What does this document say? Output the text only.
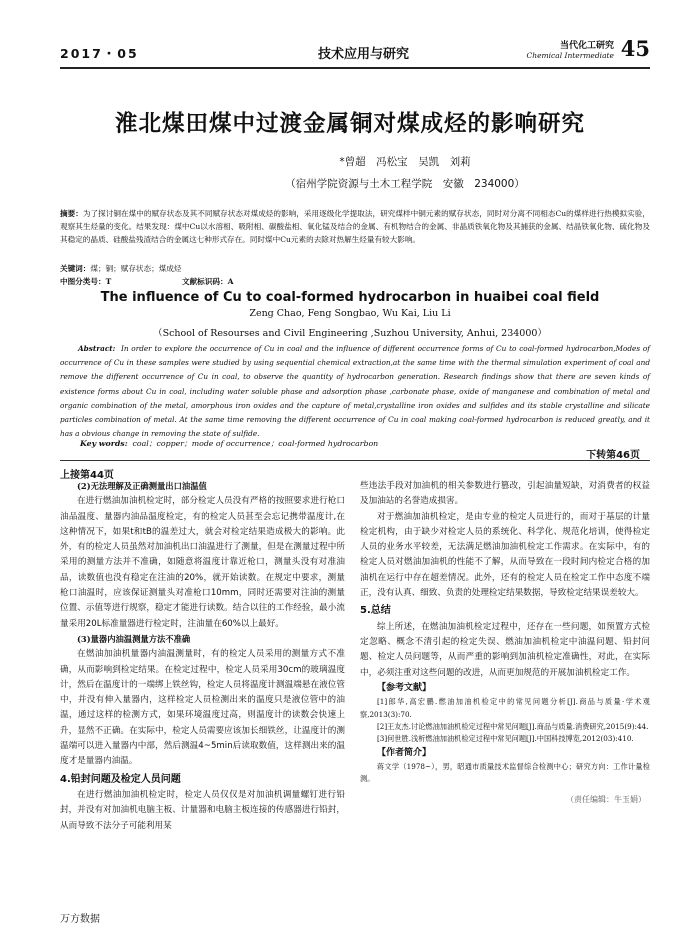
2017・05	技术应用与研究
当代化工研究
Chemical Intermediate 45
淮北煤田煤中过渡金属铜对煤成烃的影响研究
*曾超　冯松宝　吴凯　刘莉
（宿州学院资源与土木工程学院　安徽　234000）
摘要：为了探讨铜在煤中的赋存状态及其不同赋存状态对煤成烃的影响，采用逐级化学提取法，研究煤样中铜元素的赋存状态，同时对分离不同相态Cu的煤样进行热模拟实验，观察其生烃量的变化。结果发现：煤中Cu以水溶相、吸附相、碳酸盐相、氧化锰及结合的金属、有机物结合的金属、非晶质铁氧化物及其捕获的金属、结晶铁氧化物、硫化物及其稳定的晶质、硅酸盐残渣结合的金属这七种形式存在。同时煤中Cu元素的去除对热解生烃量有较大影响。
关键词：煤；铜；赋存状态；煤成烃
中图分类号：T	文献标识码：A
The influence of Cu to coal-formed hydrocarbon in huaibei coal field
Zeng Chao, Feng Songbao, Wu Kai, Liu Li
（School of Resourses and Civil Engineering ,Suzhou University, Anhui, 234000）
Abstract: In order to explore the occurrence of Cu in coal and the influence of different occurrence forms of Cu to coal-formed hydrocarbon,Modes of occurrence of Cu in these samples were studied by using sequential chemical extraction,at the same time with the thermal simulation experiment of coal and remove the different occurrence of Cu in coal, to observe the quantity of hydrocarbon generation. Research findings show that there are seven kinds of existence forms about Cu in coal, including water soluble phase and adsorption phase ,carbonate phase, oxide of manganese and combination of metal and organic combination of the metal, amorphous iron oxides and the capture of metal,crystalline iron oxides and sulfides and its stable crystalline and silicate particles combination of metal. At the same time removing the different occurrence of Cu in coal making coal-formed hydrocarbon is reduced greatly, and it has a obvious change in removing the state of sulfide.
Key words: coal；copper；mode of occurrence；coal-formed hydrocarbon
下转第46页
上接第44页

(2)无法理解及正确测量出口油温值

在进行燃油加油机检定时，部分检定人员没有严格的按照要求进行枪口油品温度、量器内油品温度检定，有的检定人员甚至会忘记携带温度计,在这种情况下，如果t和tB的温差过大，就会对检定结果造成极大的影响。此外，有的检定人员虽然对加油机出口油温进行了测量，但是在测量过程中所采用的测量方法并不准确，如随意将温度计靠近枪口，测量头没有对准油品，读数值也没有稳定在注油的20%，就开始读数。在规定中要求，测量枪口油温时，应该保证测量头对准枪口10mm，同时还需要对注油的测量位置、示值等进行规察，稳定才能进行读数。结合以往的工作经验，最小流量采用20L标准量器进行检定时，注油量在60%以上最好。

(3)量器内油温测量方法不准确

在燃油加油机量器内油温测量时，有的检定人员采用的测量方式不准确，从而影响到检定结果。在检定过程中，检定人员采用30cm的玻璃温度计，然后在温度计的一端绑上铁丝钩，检定人员将温度计测温端悬在液位管中，并没有伸入量器内，这样检定人员检测出来的温度只是液位管中的油温，通过这样的检测方式，如果环境温度过高，则温度计的读数会快速上升，显然不正确。在实际中，检定人员需要应该加长细铁丝，让温度计的测温端可以进入量器内中部，然后测温4~5min后读取数值，这样测出来的温度才是量器内油温。

4.铅封问题及检定人员问题

在进行燃油加油机检定时，检定人员仅仅是对加油机调量螺钉进行铅封，并没有对加油机电脑主板、计量器和电脑主板连接的传感器进行铅封，从而导致不法分子可能利用某

些违法手段对加油机的相关参数进行篡改，引起油量短缺，对消费者的权益及加油站的名誉造成损害。

对于燃油加油机检定，是由专业的检定人员进行的，而对于基层的计量检定机构，由于缺少对检定人员的系统化、科学化、规范化培训，使得检定人员的业务水平较差，无法满足燃油加油机检定工作需求。在实际中，有的检定人员对燃油加油机的性能不了解，从而导致在一段时间内检定合格的加油机在运行中存在超差情况。此外，还有的检定人员在检定工作中态度不端正，没有认真、细致、负责的处理检定结果数据，导致检定结果误差较大。

5.总结

综上所述，在燃油加油机检定过程中，还存在一些问题，如预置方式检定忽略、概念不清引起的检定失误、燃油加油机检定中油温问题、铅封问题、检定人员问题等，从而严重的影响到加油机检定准确性，对此，在实际中，必须注重对这些问题的改进，从而更加规范的开展加油机检定工作。

【参考文献】

[1]郎华,高宏鹏.燃油加油机检定中的常见问题分析[J].商品与质量·学术观察,2013(3):70.

[2]王友杰.讨论燃油加油机检定过程中常见问题[J].商品与质量.消费研究,2015(9):44.

[3]何世胜.浅析燃油加油机检定过程中常见问题[J].中国科技博览,2012(03):410.

【作者简介】

蒋文学（1978~），男，昭通市质量技术监督综合检测中心；研究方向：工作计量检测。

（责任编辑：牛玉娟）

万方数据
